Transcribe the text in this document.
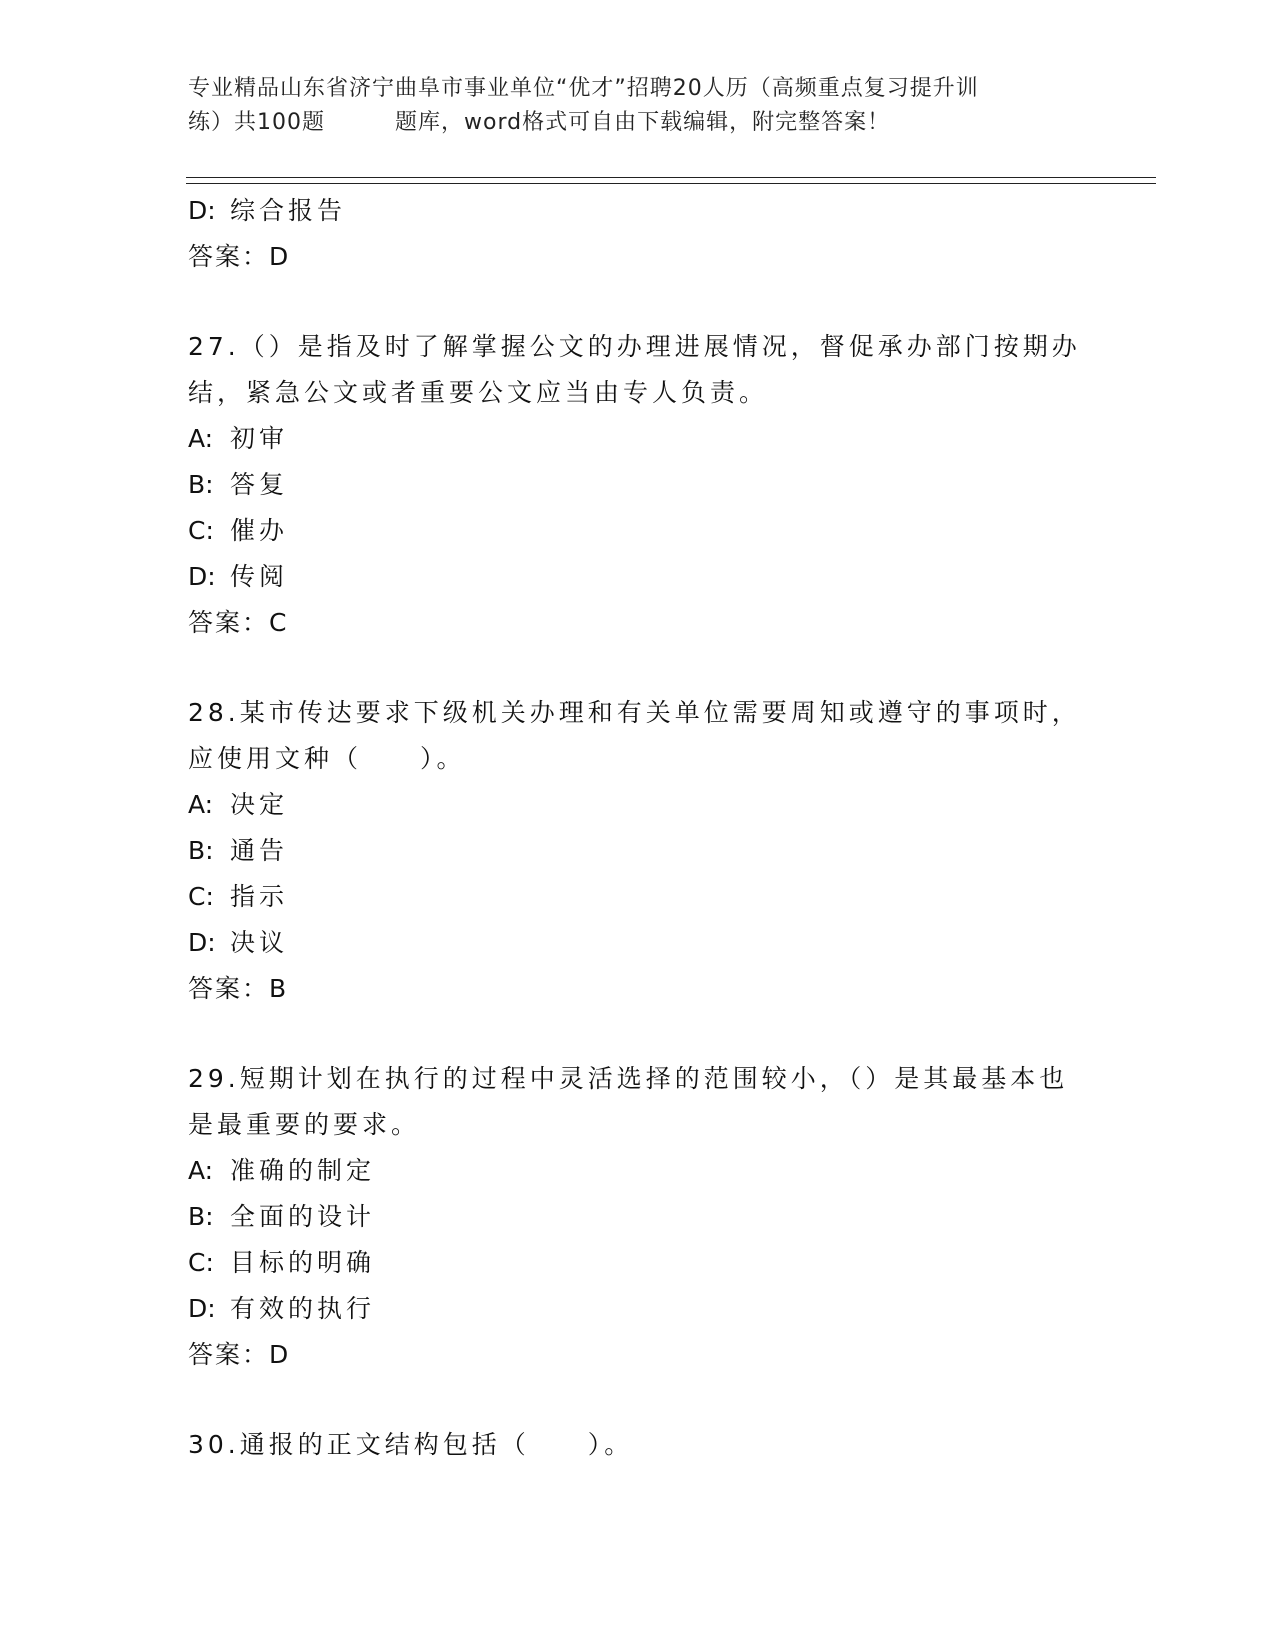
专业精品山东省济宁曲阜市事业单位“优才”招聘20人历（高频重点复习提升训
练）共100题	题库，word格式可自由下载编辑，附完整答案！
D: 综合报告
答案：D
27.（）是指及时了解掌握公文的办理进展情况，督促承办部门按期办
结，紧急公文或者重要公文应当由专人负责。
A: 初审
B: 答复
C: 催办
D: 传阅
答案：C
28.某市传达要求下级机关办理和有关单位需要周知或遵守的事项时，
应使用文种（　　）。
A: 决定
B: 通告
C: 指示
D: 决议
答案：B
29.短期计划在执行的过程中灵活选择的范围较小，（）是其最基本也
是最重要的要求。
A: 准确的制定
B: 全面的设计
C: 目标的明确
D: 有效的执行
答案：D
30.通报的正文结构包括（　　）。
